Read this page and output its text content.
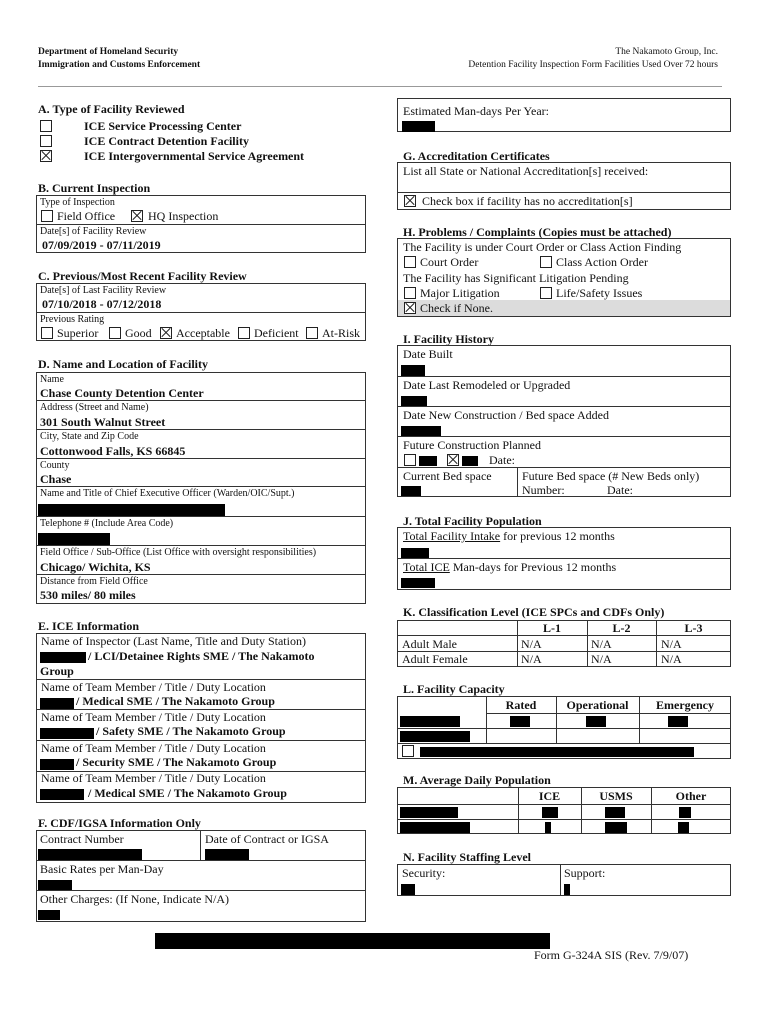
Department of Homeland Security
Immigration and Customs Enforcement
The Nakamoto Group, Inc.
Detention Facility Inspection Form Facilities Used Over 72 hours
A. Type of Facility Reviewed
ICE Service Processing Center
ICE Contract Detention Facility
ICE Intergovernmental Service Agreement
B. Current Inspection
Type of Inspection
Field Office	HQ Inspection
Date[s] of Facility Review
07/09/2019 - 07/11/2019
C. Previous/Most Recent Facility Review
Date[s] of Last Facility Review
07/10/2018 - 07/12/2018
Previous Rating
Superior Good Acceptable Deficient At-Risk
D. Name and Location of Facility
Name
Chase County Detention Center
Address (Street and Name)
301 South Walnut Street
City, State and Zip Code
Cottonwood Falls, KS 66845
County
Chase
Name and Title of Chief Executive Officer (Warden/OIC/Supt.)
Telephone # (Include Area Code)
Field Office / Sub-Office (List Office with oversight responsibilities)
Chicago/ Wichita, KS
Distance from Field Office
530 miles/ 80 miles
E. ICE Information
Name of Inspector (Last Name, Title and Duty Station)
/ LCI/Detainee Rights SME / The Nakamoto
Group
Name of Team Member / Title / Duty Location
/ Medical SME / The Nakamoto Group
Name of Team Member / Title / Duty Location
/ Safety SME / The Nakamoto Group
Name of Team Member / Title / Duty Location
/ Security SME / The Nakamoto Group
Name of Team Member / Title / Duty Location
/ Medical SME / The Nakamoto Group
F. CDF/IGSA Information Only
Contract Number	Date of Contract or IGSA
Basic Rates per Man-Day
Other Charges: (If None, Indicate N/A)
Estimated Man-days Per Year:
G. Accreditation Certificates
List all State or National Accreditation[s] received:
Check box if facility has no accreditation[s]
H. Problems / Complaints (Copies must be attached)
The Facility is under Court Order or Class Action Finding
Court Order	Class Action Order
The Facility has Significant Litigation Pending
Major Litigation	Life/Safety Issues
Check if None.
I. Facility History
Date Built
Date Last Remodeled or Upgraded
Date New Construction / Bed space Added
Future Construction Planned
Date:
Current Bed space	Future Bed space (# New Beds only)
Number:	Date:
J. Total Facility Population
Total Facility Intake for previous 12 months
Total ICE Man-days for Previous 12 months
K. Classification Level (ICE SPCs and CDFs Only)
L-1	L-2	L-3
Adult Male	N/A	N/A	N/A
Adult Female	N/A	N/A	N/A
L. Facility Capacity
Rated	Operational	Emergency
M. Average Daily Population
ICE	USMS	Other
N. Facility Staffing Level
Security:	Support:
Form G-324A SIS (Rev. 7/9/07)
